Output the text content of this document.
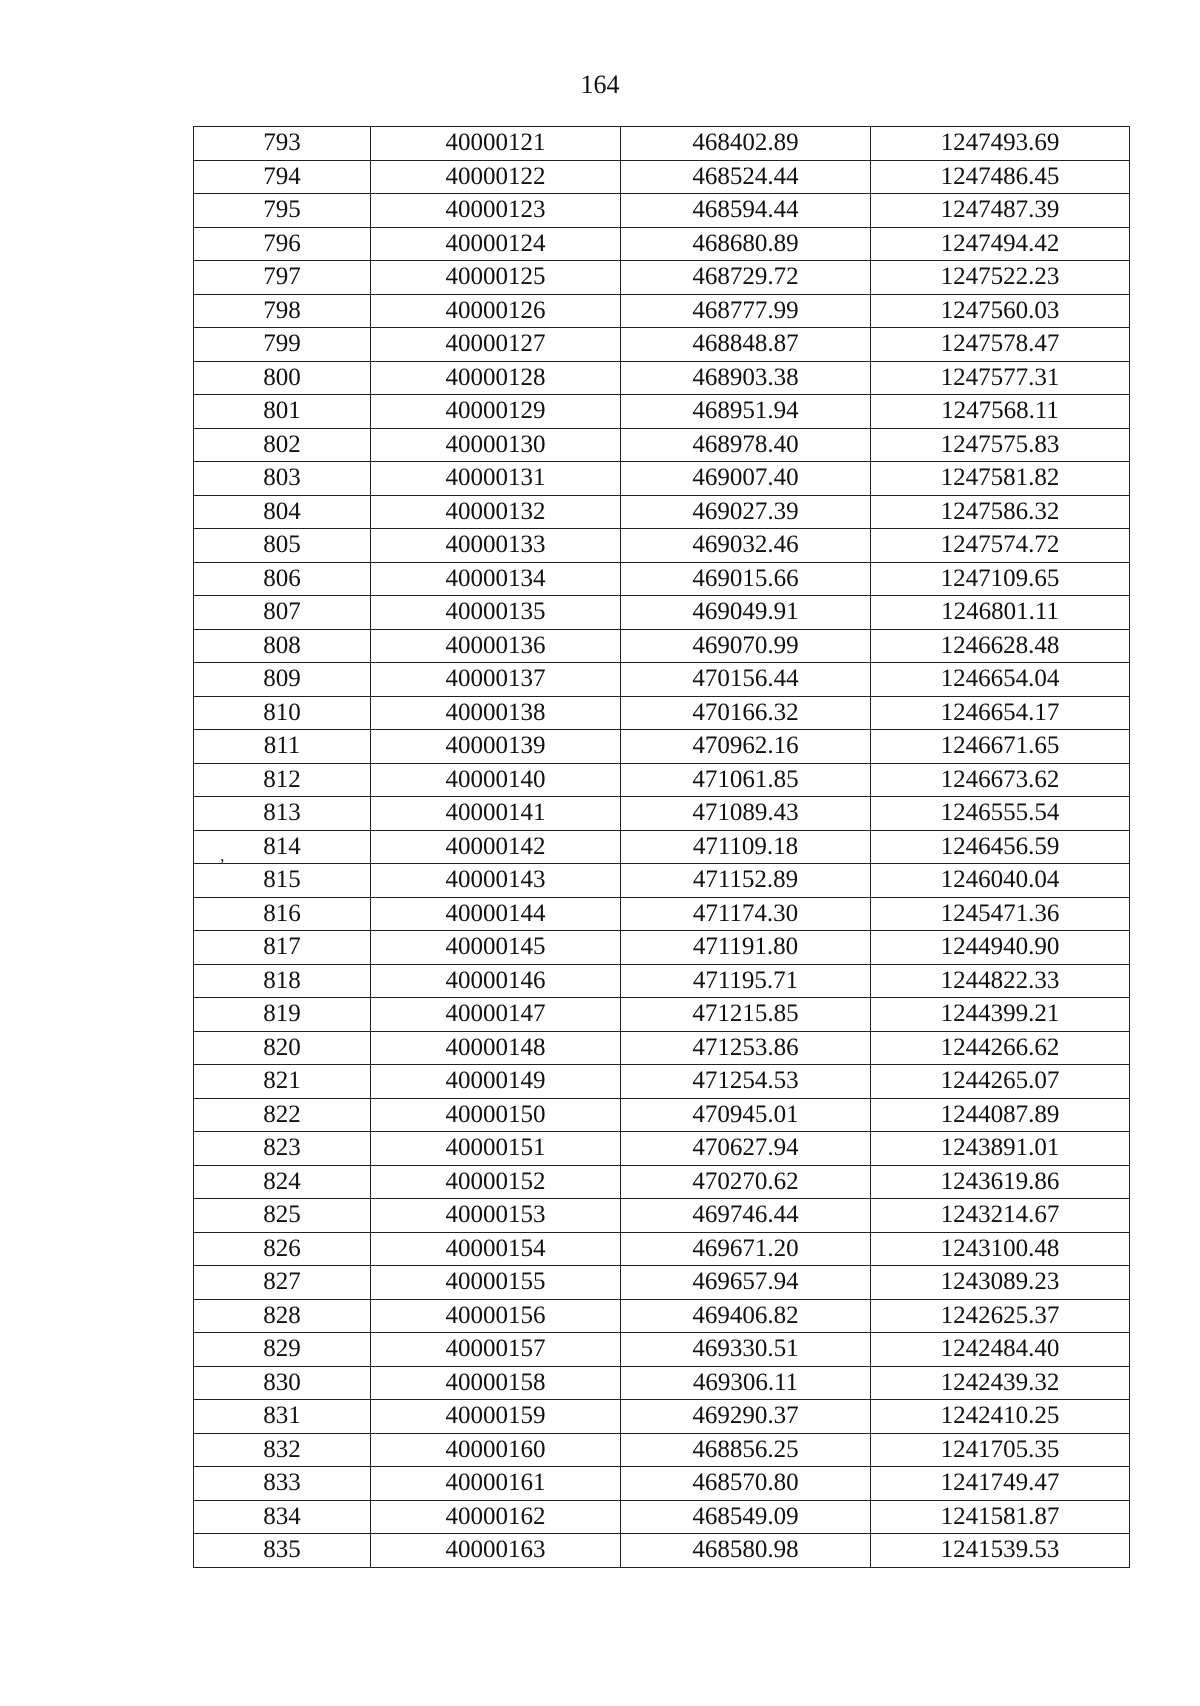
164
,
793	40000121	468402.89	1247493.69
794	40000122	468524.44	1247486.45
795	40000123	468594.44	1247487.39
796	40000124	468680.89	1247494.42
797	40000125	468729.72	1247522.23
798	40000126	468777.99	1247560.03
799	40000127	468848.87	1247578.47
800	40000128	468903.38	1247577.31
801	40000129	468951.94	1247568.11
802	40000130	468978.40	1247575.83
803	40000131	469007.40	1247581.82
804	40000132	469027.39	1247586.32
805	40000133	469032.46	1247574.72
806	40000134	469015.66	1247109.65
807	40000135	469049.91	1246801.11
808	40000136	469070.99	1246628.48
809	40000137	470156.44	1246654.04
810	40000138	470166.32	1246654.17
811	40000139	470962.16	1246671.65
812	40000140	471061.85	1246673.62
813	40000141	471089.43	1246555.54
814	40000142	471109.18	1246456.59
815	40000143	471152.89	1246040.04
816	40000144	471174.30	1245471.36
817	40000145	471191.80	1244940.90
818	40000146	471195.71	1244822.33
819	40000147	471215.85	1244399.21
820	40000148	471253.86	1244266.62
821	40000149	471254.53	1244265.07
822	40000150	470945.01	1244087.89
823	40000151	470627.94	1243891.01
824	40000152	470270.62	1243619.86
825	40000153	469746.44	1243214.67
826	40000154	469671.20	1243100.48
827	40000155	469657.94	1243089.23
828	40000156	469406.82	1242625.37
829	40000157	469330.51	1242484.40
830	40000158	469306.11	1242439.32
831	40000159	469290.37	1242410.25
832	40000160	468856.25	1241705.35
833	40000161	468570.80	1241749.47
834	40000162	468549.09	1241581.87
835	40000163	468580.98	1241539.53
